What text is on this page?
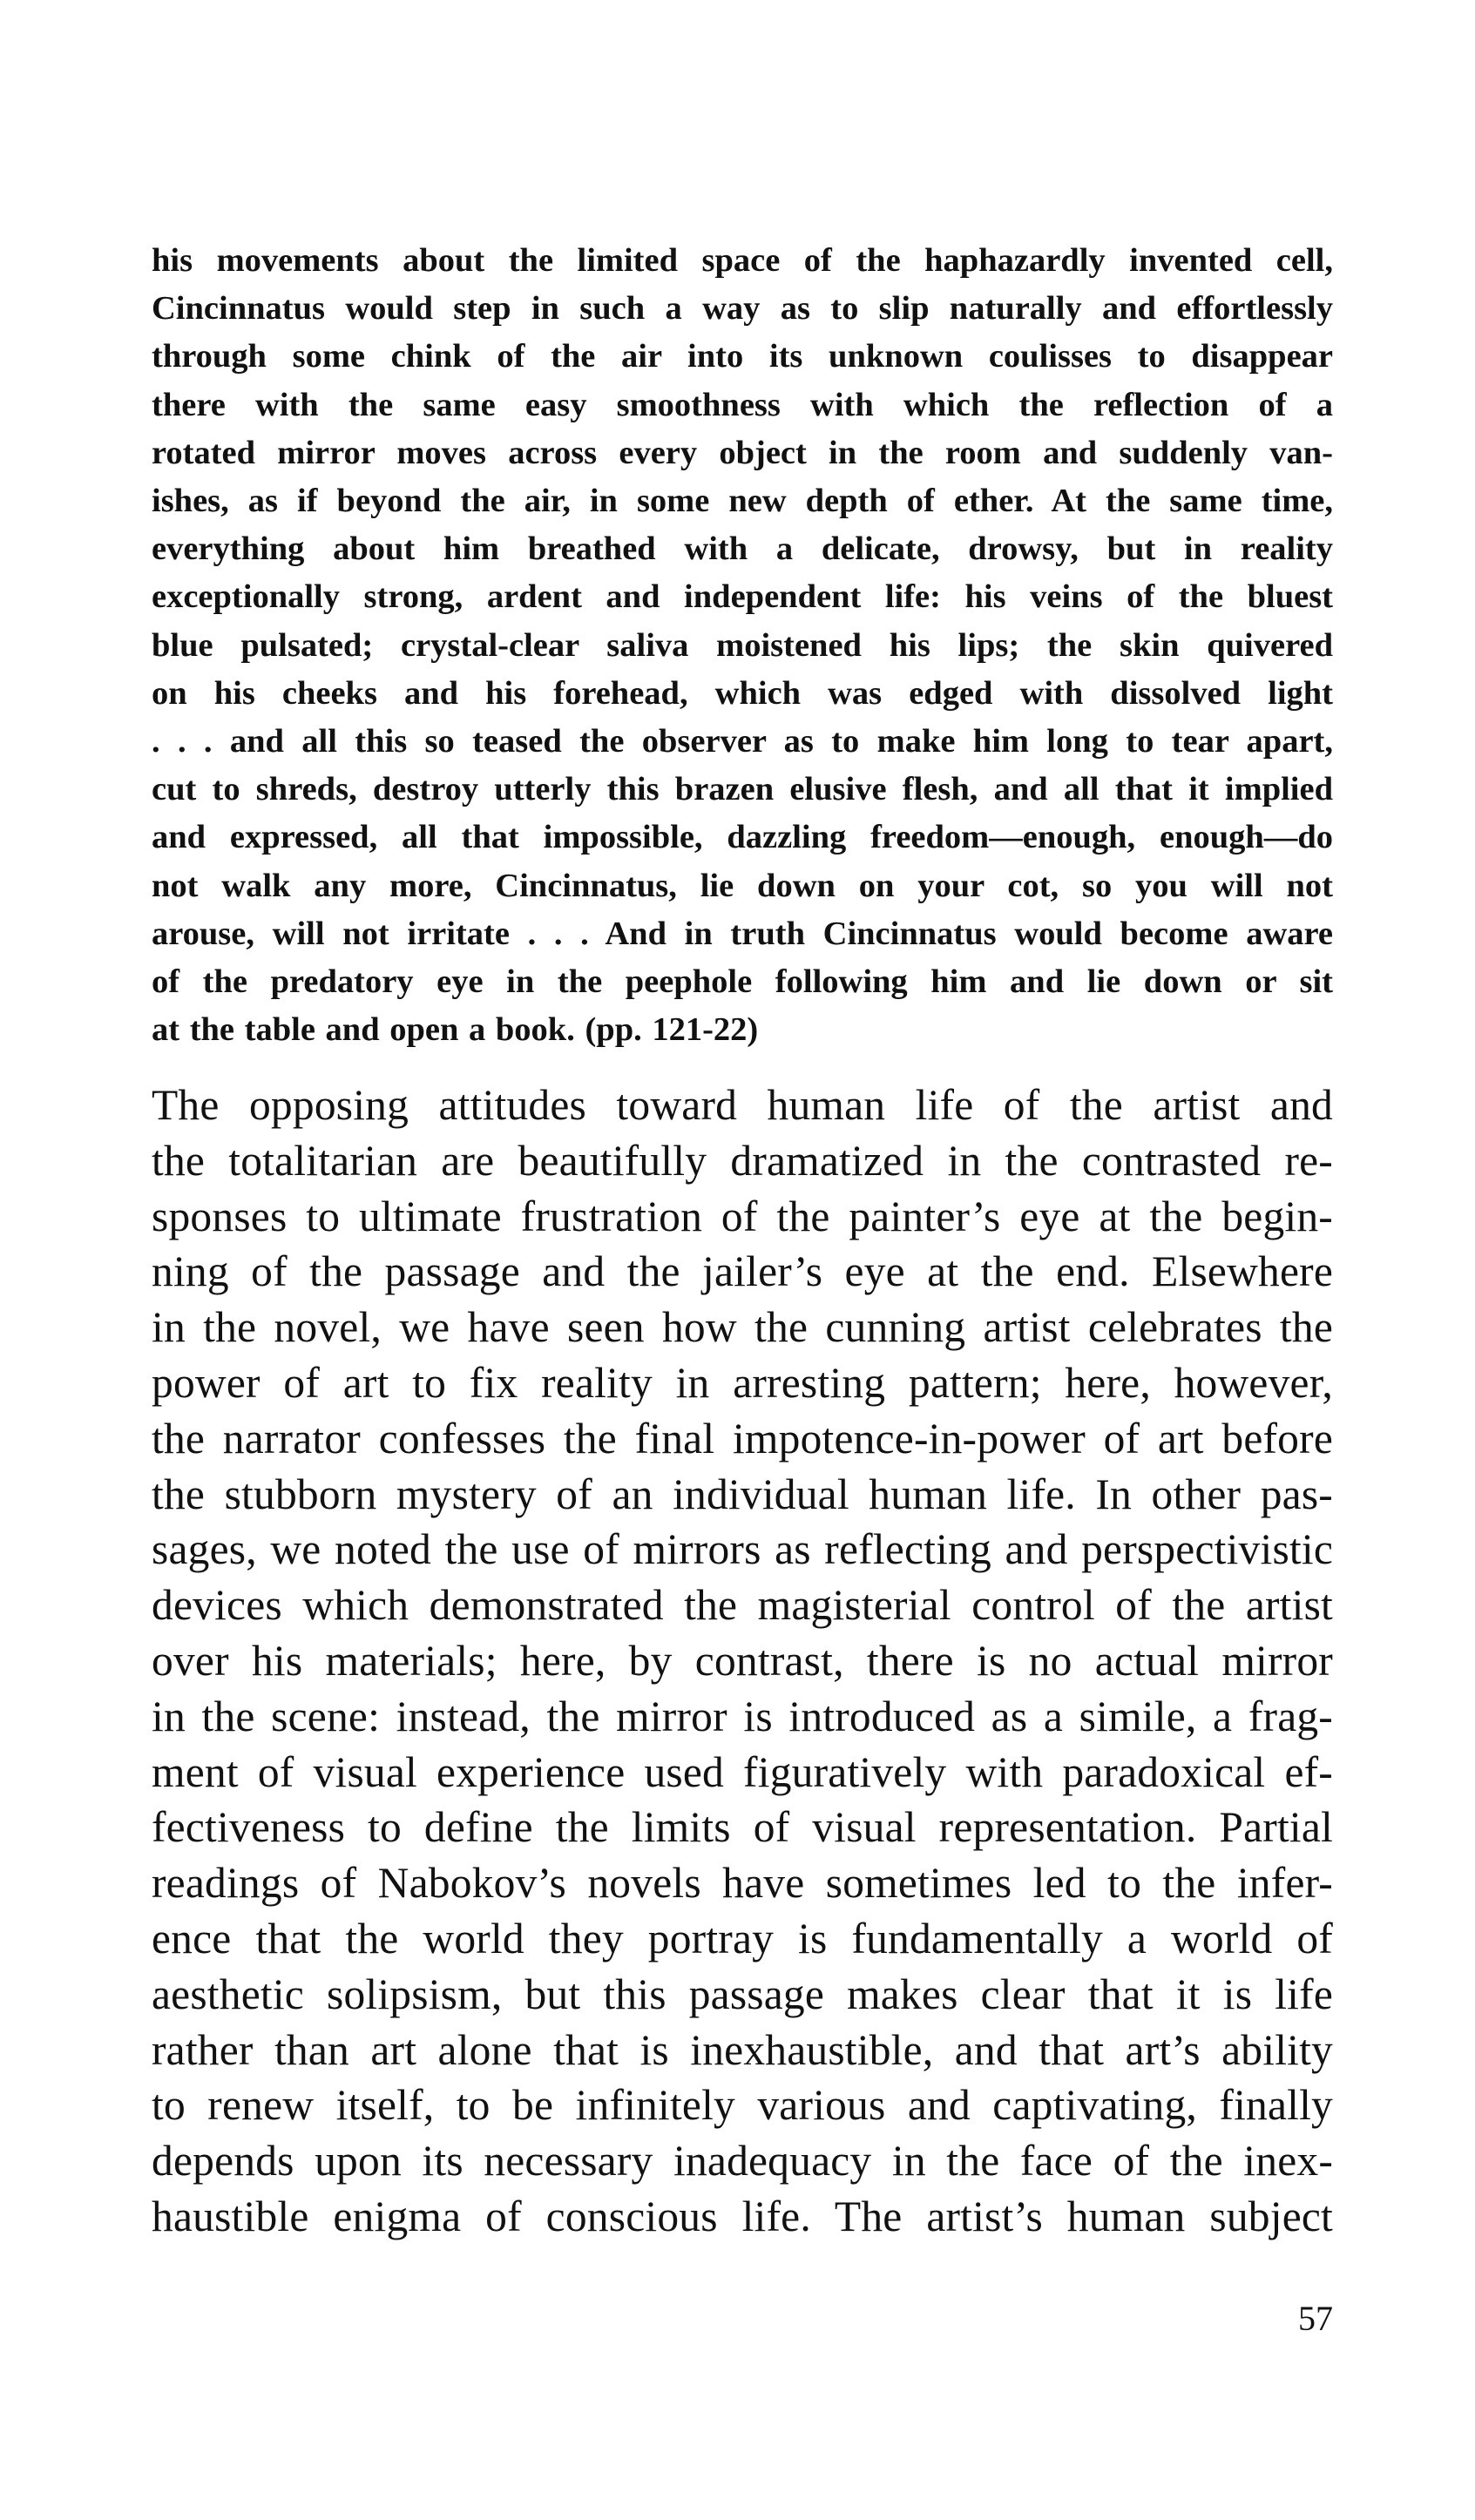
his movements about the limited space of the haphazardly invented cell,
Cincinnatus would step in such a way as to slip naturally and effortlessly
through some chink of the air into its unknown coulisses to disappear
there with the same easy smoothness with which the reflection of a
rotated mirror moves across every object in the room and suddenly van-
ishes, as if beyond the air, in some new depth of ether. At the same time,
everything about him breathed with a delicate, drowsy, but in reality
exceptionally strong, ardent and independent life: his veins of the bluest
blue pulsated; crystal-clear saliva moistened his lips; the skin quivered
on his cheeks and his forehead, which was edged with dissolved light
. . . and all this so teased the observer as to make him long to tear apart,
cut to shreds, destroy utterly this brazen elusive flesh, and all that it implied
and expressed, all that impossible, dazzling freedom—enough, enough—do
not walk any more, Cincinnatus, lie down on your cot, so you will not
arouse, will not irritate . . . And in truth Cincinnatus would become aware
of the predatory eye in the peephole following him and lie down or sit
at the table and open a book. (pp. 121-22)
The opposing attitudes toward human life of the artist and
the totalitarian are beautifully dramatized in the contrasted re-
sponses to ultimate frustration of the painter’s eye at the begin-
ning of the passage and the jailer’s eye at the end. Elsewhere
in the novel, we have seen how the cunning artist celebrates the
power of art to fix reality in arresting pattern; here, however,
the narrator confesses the final impotence-in-power of art before
the stubborn mystery of an individual human life. In other pas-
sages, we noted the use of mirrors as reflecting and perspectivistic
devices which demonstrated the magisterial control of the artist
over his materials; here, by contrast, there is no actual mirror
in the scene: instead, the mirror is introduced as a simile, a frag-
ment of visual experience used figuratively with paradoxical ef-
fectiveness to define the limits of visual representation. Partial
readings of Nabokov’s novels have sometimes led to the infer-
ence that the world they portray is fundamentally a world of
aesthetic solipsism, but this passage makes clear that it is life
rather than art alone that is inexhaustible, and that art’s ability
to renew itself, to be infinitely various and captivating, finally
depends upon its necessary inadequacy in the face of the inex-
haustible enigma of conscious life. The artist’s human subject
57
